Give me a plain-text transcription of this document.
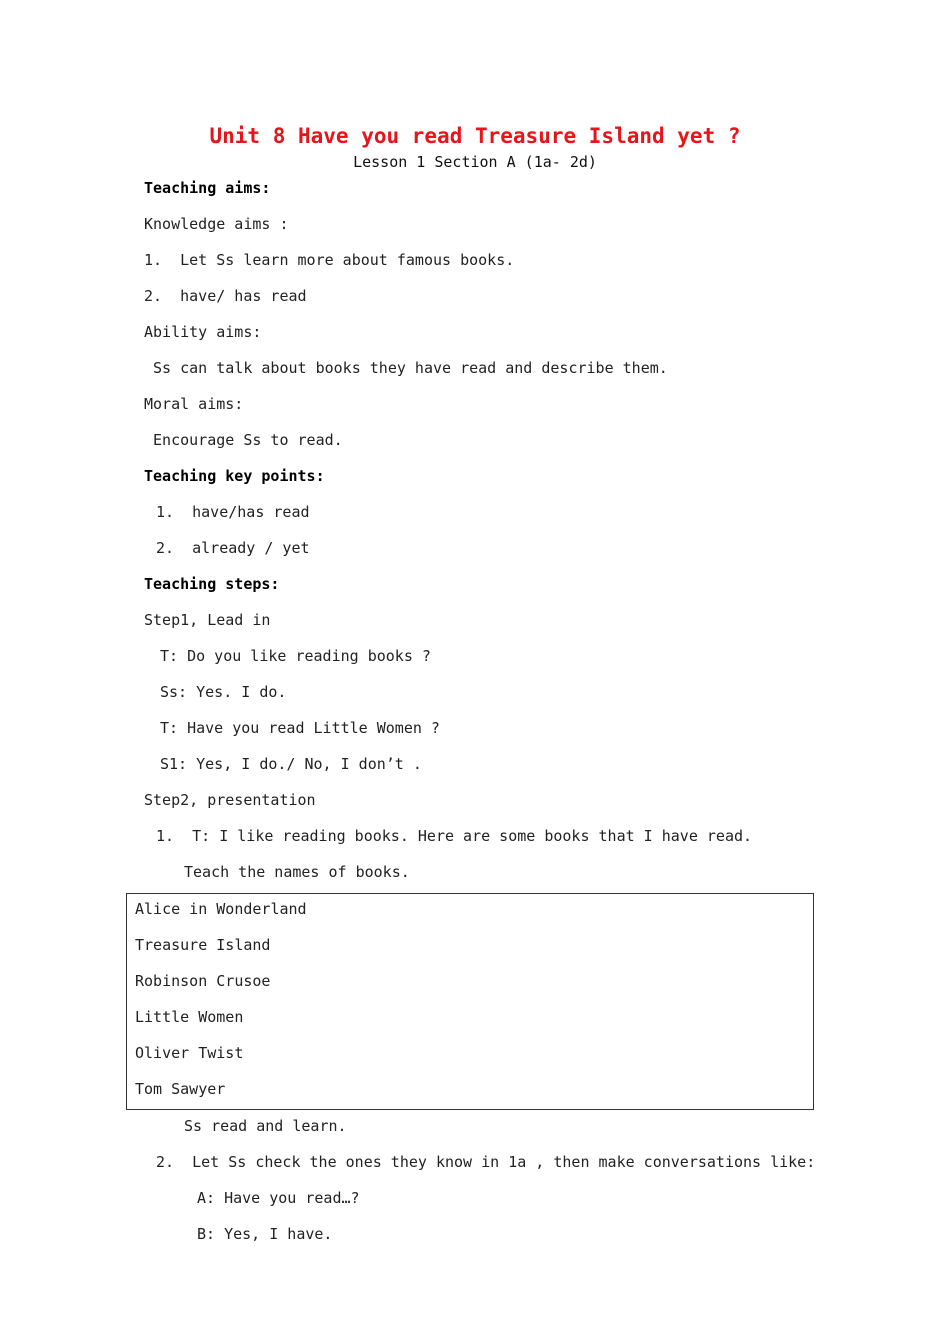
Unit 8 Have you read Treasure Island yet ?
Lesson 1 Section A (1a- 2d)
Teaching aims:
Knowledge aims :
1.  Let Ss learn more about famous books.
2.  have/ has read
Ability aims:
Ss can talk about books they have read and describe them.
Moral aims:
Encourage Ss to read.
Teaching key points:
1.  have/has read
2.  already / yet
Teaching steps:
Step1, Lead in
T: Do you like reading books ?
Ss: Yes. I do.
T: Have you read Little Women ?
S1: Yes, I do./ No, I don’t .
Step2, presentation
1.  T: I like reading books. Here are some books that I have read.
Teach the names of books.
Alice in Wonderland
Treasure Island
Robinson Crusoe
Little Women
Oliver Twist
Tom Sawyer
Ss read and learn.
2.  Let Ss check the ones they know in 1a , then make conversations like:
A: Have you read…?
B: Yes, I have.
